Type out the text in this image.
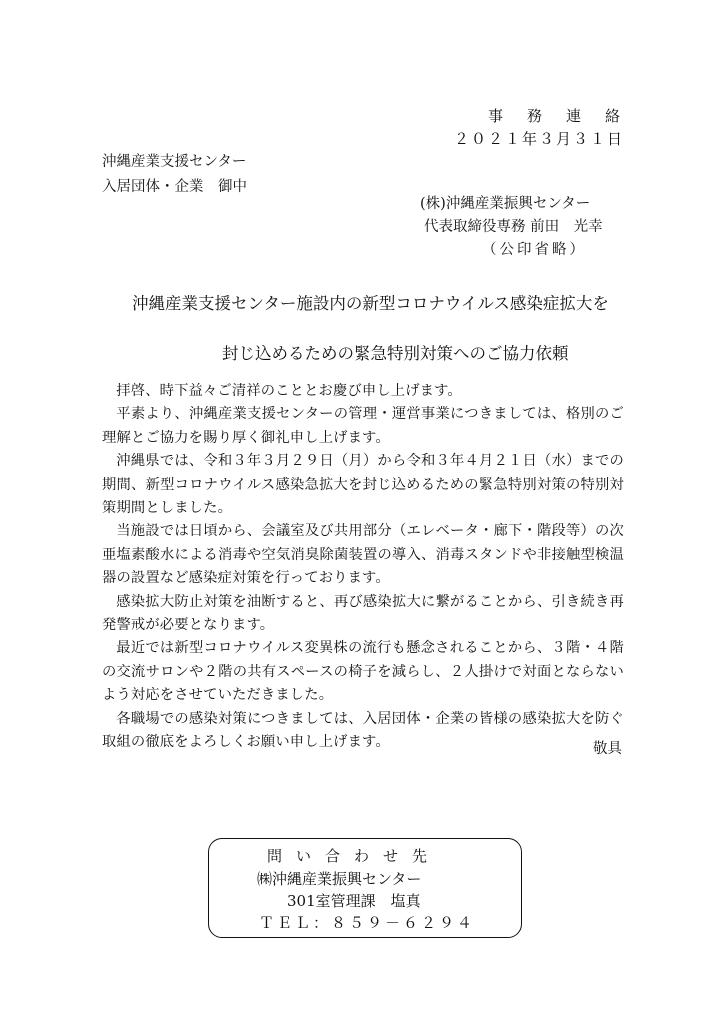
事務連絡
２０２１年３月３１日
沖縄産業支援センター
入居団体・企業　御中
(株)沖縄産業振興センター
代表取締役専務 前田　光幸
（公印省略）
沖縄産業支援センター施設内の新型コロナウイルス感染症拡大を
封じ込めるための緊急特別対策へのご協力依頼

拝啓、時下益々ご清祥のこととお慶び申し上げます。

平素より、沖縄産業支援センターの管理・運営事業につきましては、格別のご理解とご協力を賜り厚く御礼申し上げます。

沖縄県では、令和３年３月２９日（月）から令和３年４月２１日（水）までの期間、新型コロナウイルス感染急拡大を封じ込めるための緊急特別対策の特別対策期間としました。

当施設では日頃から、会議室及び共用部分（エレベータ・廊下・階段等）の次亜塩素酸水による消毒や空気消臭除菌装置の導入、消毒スタンドや非接触型検温器の設置など感染症対策を行っております。

感染拡大防止対策を油断すると、再び感染拡大に繋がることから、引き続き再発警戒が必要となります。

最近では新型コロナウイルス変異株の流行も懸念されることから、３階・４階の交流サロンや２階の共有スペースの椅子を減らし、２人掛けで対面とならないよう対応をさせていただきました。

各職場での感染対策につきましては、入居団体・企業の皆様の感染拡大を防ぐ取組の徹底をよろしくお願い申し上げます。	敬具
問い合わせ先
㈱沖縄産業振興センター
301室管理課　塩真
ＴＥＬ：８５９－６２９４
